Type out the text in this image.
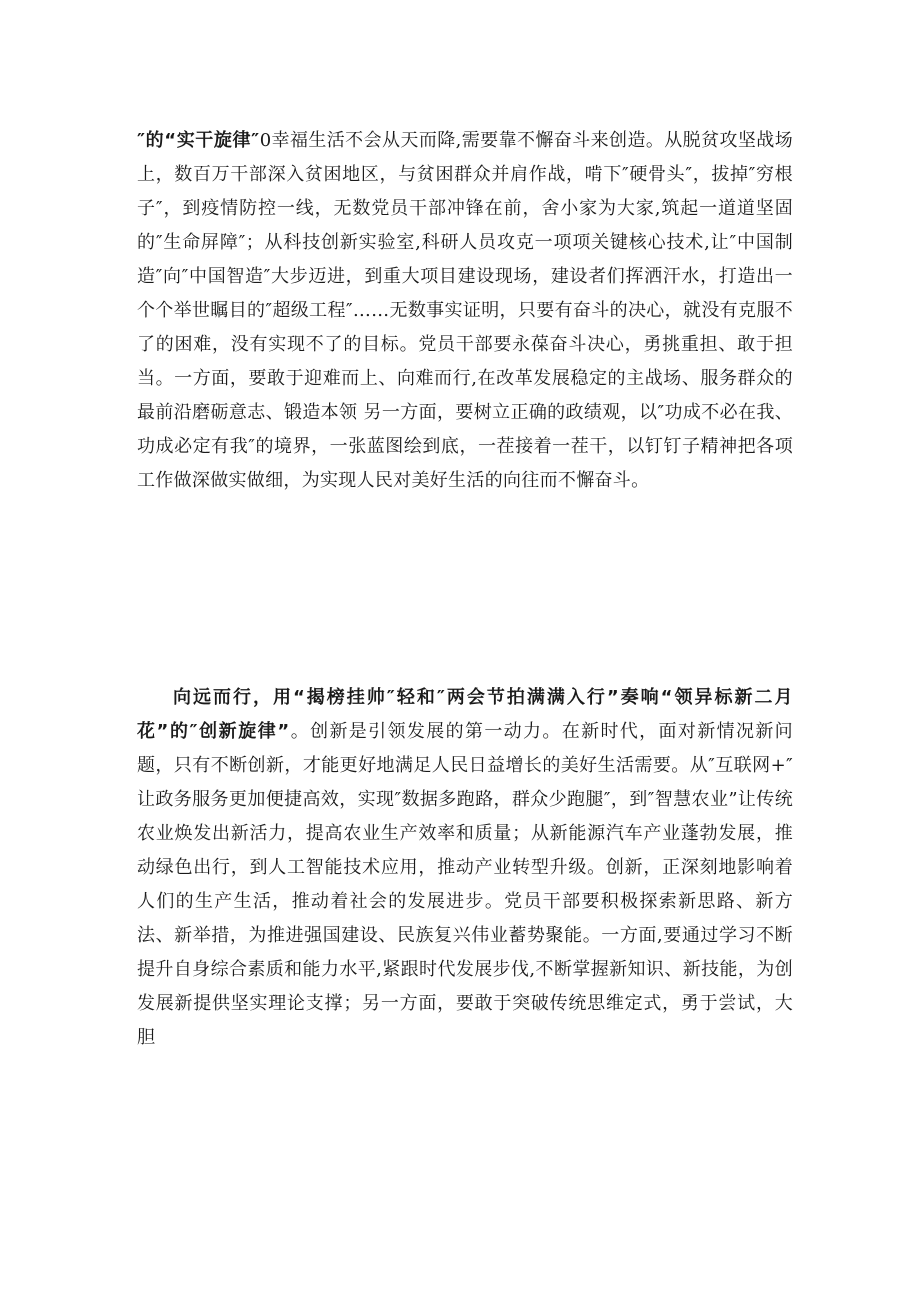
″的“实干旋律″0幸福生活不会从天而降,需要靠不懈奋斗来创造。从脱贫攻坚战场上，数百万干部深入贫困地区，与贫困群众并肩作战，啃下″硬骨头″，拔掉″穷根子″，到疫情防控一线，无数党员干部冲锋在前，舍小家为大家,筑起一道道坚固的″生命屏障″；从科技创新实验室,科研人员攻克一项项关键核心技术,让″中国制造″向″中国智造″大步迈进，到重大项目建设现场，建设者们挥洒汗水，打造出一个个举世瞩目的″超级工程″……无数事实证明，只要有奋斗的决心，就没有克服不了的困难，没有实现不了的目标。党员干部要永葆奋斗决心，勇挑重担、敢于担当。一方面，要敢于迎难而上、向难而行,在改革发展稳定的主战场、服务群众的最前沿磨砺意志、锻造本领 另一方面，要树立正确的政绩观，以″功成不必在我、功成必定有我″的境界，一张蓝图绘到底，一茬接着一茬干，以钉钉子精神把各项工作做深做实做细，为实现人民对美好生活的向往而不懈奋斗。

向远而行，用“揭榜挂帅″轻和″两会节拍满满入行”奏响“领异标新二月花”的″创新旋律”。创新是引领发展的第一动力。在新时代，面对新情况新问题，只有不断创新，才能更好地满足人民日益增长的美好生活需要。从″互联网+″让政务服务更加便捷高效，实现″数据多跑路，群众少跑腿″，到″智慧农业”让传统农业焕发出新活力，提高农业生产效率和质量；从新能源汽车产业蓬勃发展，推动绿色出行，到人工智能技术应用，推动产业转型升级。创新，正深刻地影响着人们的生产生活，推动着社会的发展进步。党员干部要积极探索新思路、新方法、新举措，为推进强国建设、民族复兴伟业蓄势聚能。一方面,要通过学习不断提升自身综合素质和能力水平,紧跟时代发展步伐,不断掌握新知识、新技能，为创发展新提供坚实理论支撑；另一方面，要敢于突破传统思维定式，勇于尝试，大胆
